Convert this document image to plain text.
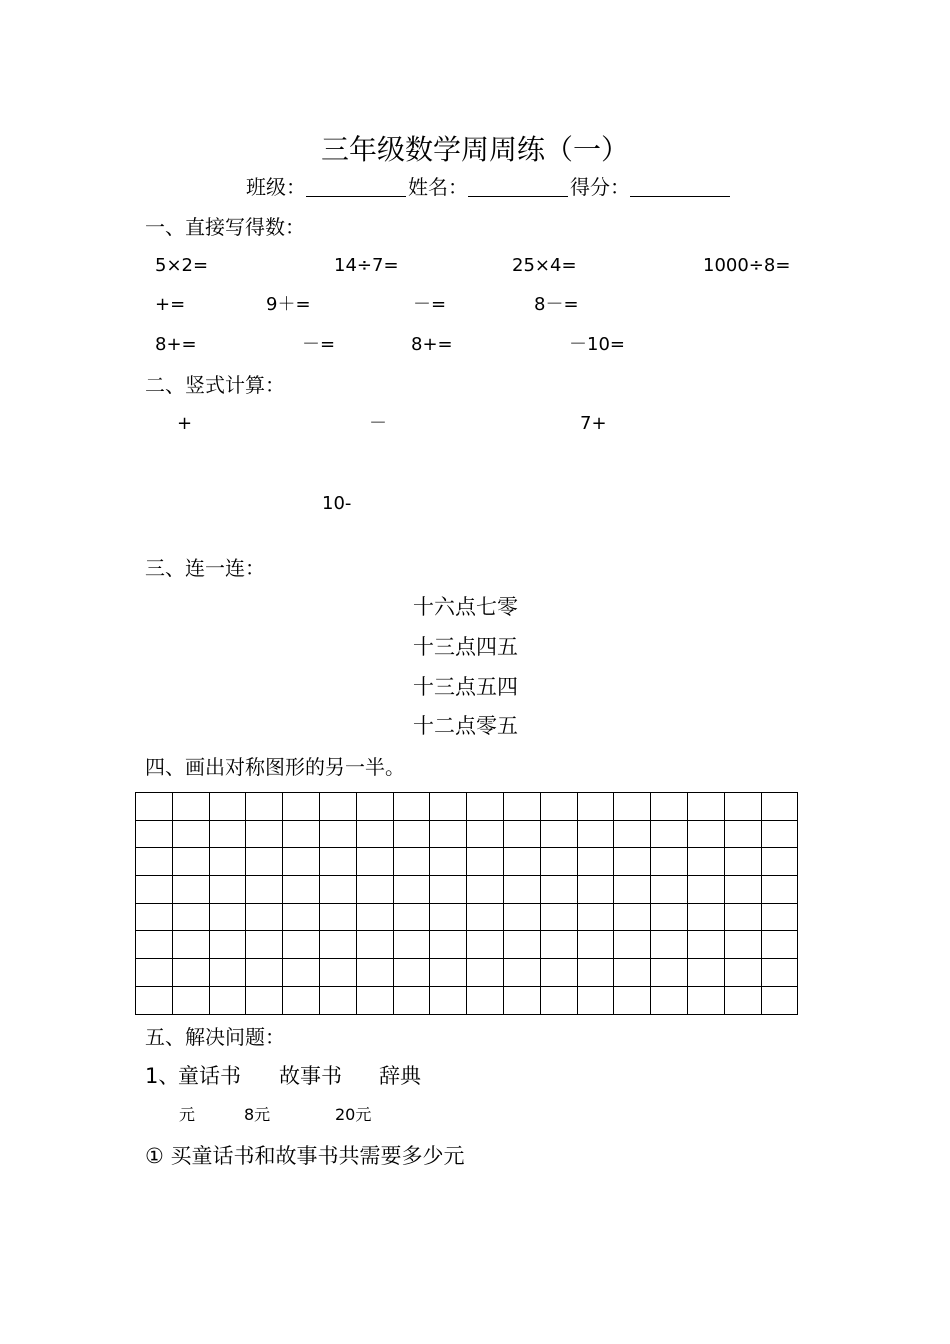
三年级数学周周练（一）
班级：	姓名：	得分：
一、直接写得数：
5×2=	14÷7=	25×4=	1000÷8=
+=	9＋=	－=	8－=
8+=	－=	8+=	－10=
二、竖式计算：
+	－	7+
10-
三、连一连：
十六点七零
十三点四五
十三点五四
十二点零五
四、画出对称图形的另一半。

五、解决问题：
1、
童话书 故事书 辞典
元	8元	20元
① 买童话书和故事书共需要多少元
